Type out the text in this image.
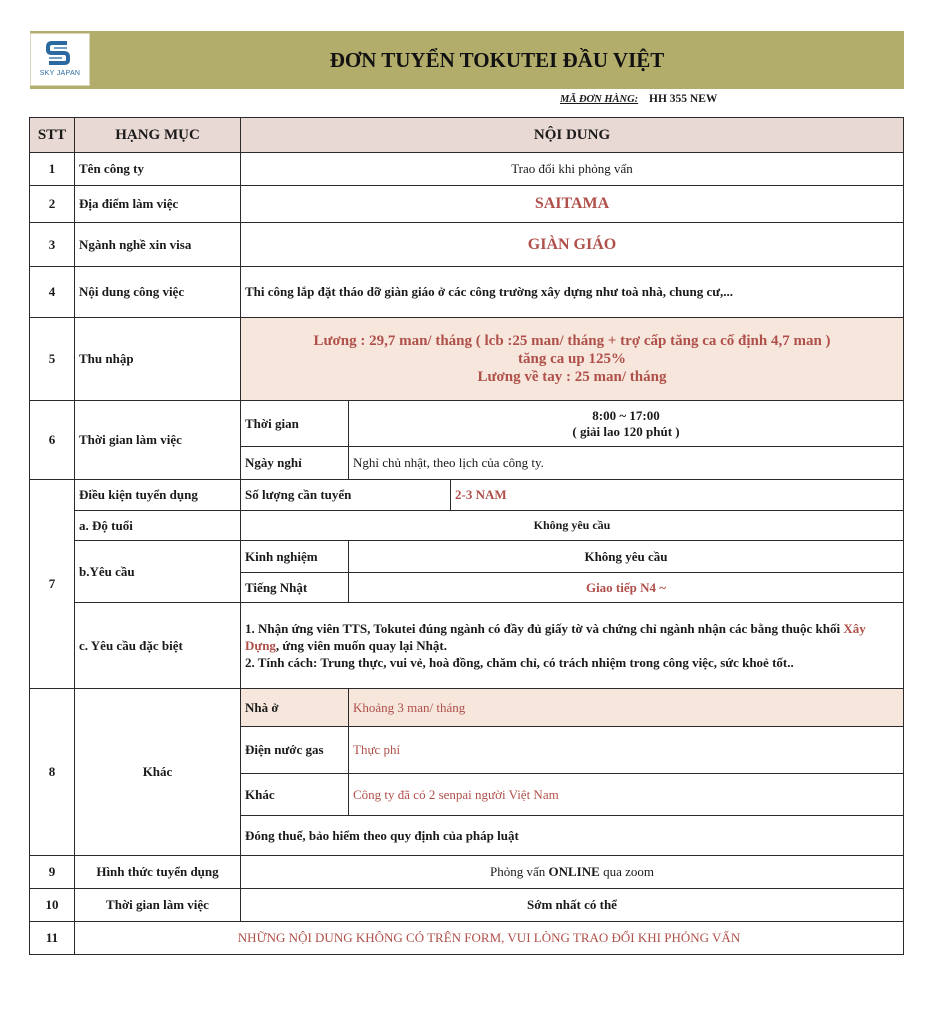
SKY JAPAN
ĐƠN TUYỂN TOKUTEI ĐẦU VIỆT
MÃ ĐƠN HÀNG: HH 355 NEW
STT	HẠNG MỤC	NỘI DUNG		
1	Tên công ty	Trao đổi khi phỏng vấn		
2	Địa điểm làm việc	SAITAMA		
3	Ngành nghề xin visa	GIÀN GIÁO		
4	Nội dung công việc	Thi công lắp đặt tháo dỡ giàn giáo ở các công trường xây dựng như toà nhà, chung cư,...		
5	Thu nhập	Lương : 29,7 man/ tháng ( lcb :25 man/ tháng + trợ cấp tăng ca cố định 4,7 man )
tăng ca up 125%
Lương về tay : 25 man/ tháng		

6	Thời gian làm việc	Thời gian	8:00 ~ 17:00
( giải lao 120 phút )	

		Ngày nghỉ	Nghỉ chủ nhật, theo lịch của công ty.	
7	Điều kiện tuyển dụng	Số lượng cần tuyển		2-3 NAM
	a. Độ tuổi	Không yêu cầu		
	b.Yêu cầu	Kinh nghiệm	Không yêu cầu	
		Tiếng Nhật	Giao tiếp N4 ~	
	c. Yêu cầu đặc biệt	1. Nhận ứng viên TTS, Tokutei đúng ngành có đầy đủ giấy tờ và chứng chỉ ngành nhận các bằng thuộc khối Xây Dựng, ứng viên muốn quay lại Nhật.
2. Tính cách: Trung thực, vui vẻ, hoà đồng, chăm chỉ, có trách nhiệm trong công việc, sức khoẻ tốt..		

8	Khác	Nhà ở	Khoảng 3 man/ tháng	
		Điện nước gas	Thực phí	
		Khác	Công ty đã có 2 senpai người Việt Nam	
		Đóng thuế, bảo hiểm theo quy định của pháp luật		
9	Hình thức tuyển dụng	Phỏng vấn ONLINE qua zoom		
10	Thời gian làm việc	Sớm nhất có thể		
11	NHỮNG NỘI DUNG KHÔNG CÓ TRÊN FORM, VUI LÒNG TRAO ĐỔI KHI PHỎNG VẤN			
